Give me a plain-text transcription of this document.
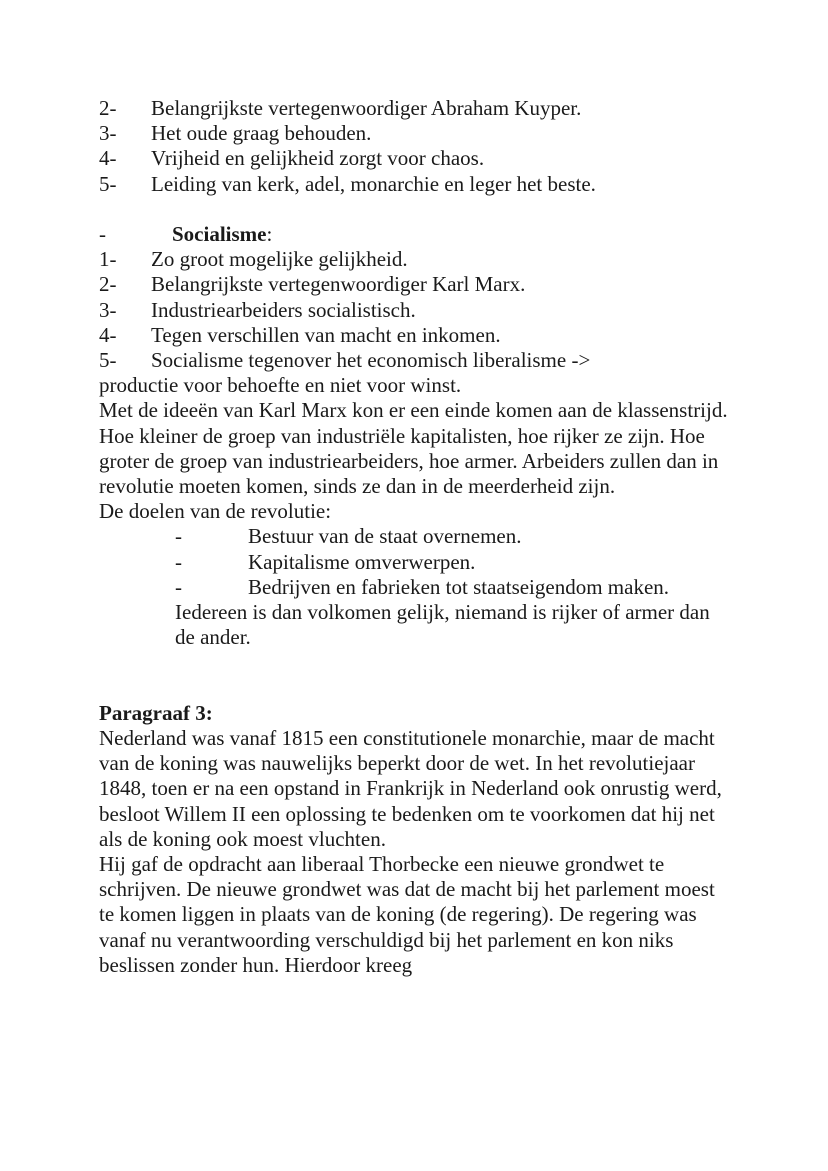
2- Belangrijkste vertegenwoordiger Abraham Kuyper.
3- Het oude graag behouden.
4- Vrijheid en gelijkheid zorgt voor chaos.
5- Leiding van kerk, adel, monarchie en leger het beste.
-	Socialisme:
1- Zo groot mogelijke gelijkheid.
2- Belangrijkste vertegenwoordiger Karl Marx.
3- Industriearbeiders socialistisch.
4- Tegen verschillen van macht en inkomen.
5- Socialisme tegenover het economisch liberalisme ->
productie voor behoefte en niet voor winst.

Met de ideeën van Karl Marx kon er een einde komen aan de klassenstrijd. Hoe kleiner de groep van industriële kapitalisten, hoe rijker ze zijn. Hoe groter de groep van industriearbeiders, hoe armer. Arbeiders zullen dan in revolutie moeten komen, sinds ze dan in de meerderheid zijn.

De doelen van de revolutie:

-	Bestuur van de staat overnemen.
-	Kapitalisme omverwerpen.
-	Bedrijven en fabrieken tot staatseigendom maken.

Iedereen is dan volkomen gelijk, niemand is rijker of armer dan de ander.

Paragraaf 3:

Nederland was vanaf 1815 een constitutionele monarchie, maar de macht van de koning was nauwelijks beperkt door de wet. In het revolutiejaar 1848, toen er na een opstand in Frankrijk in Nederland ook onrustig werd, besloot Willem II een oplossing te bedenken om te voorkomen dat hij net als de koning ook moest vluchten.

Hij gaf de opdracht aan liberaal Thorbecke een nieuwe grondwet te schrijven. De nieuwe grondwet was dat de macht bij het parlement moest te komen liggen in plaats van de koning (de regering). De regering was vanaf nu verantwoording verschuldigd bij het parlement en kon niks beslissen zonder hun. Hierdoor kreeg
